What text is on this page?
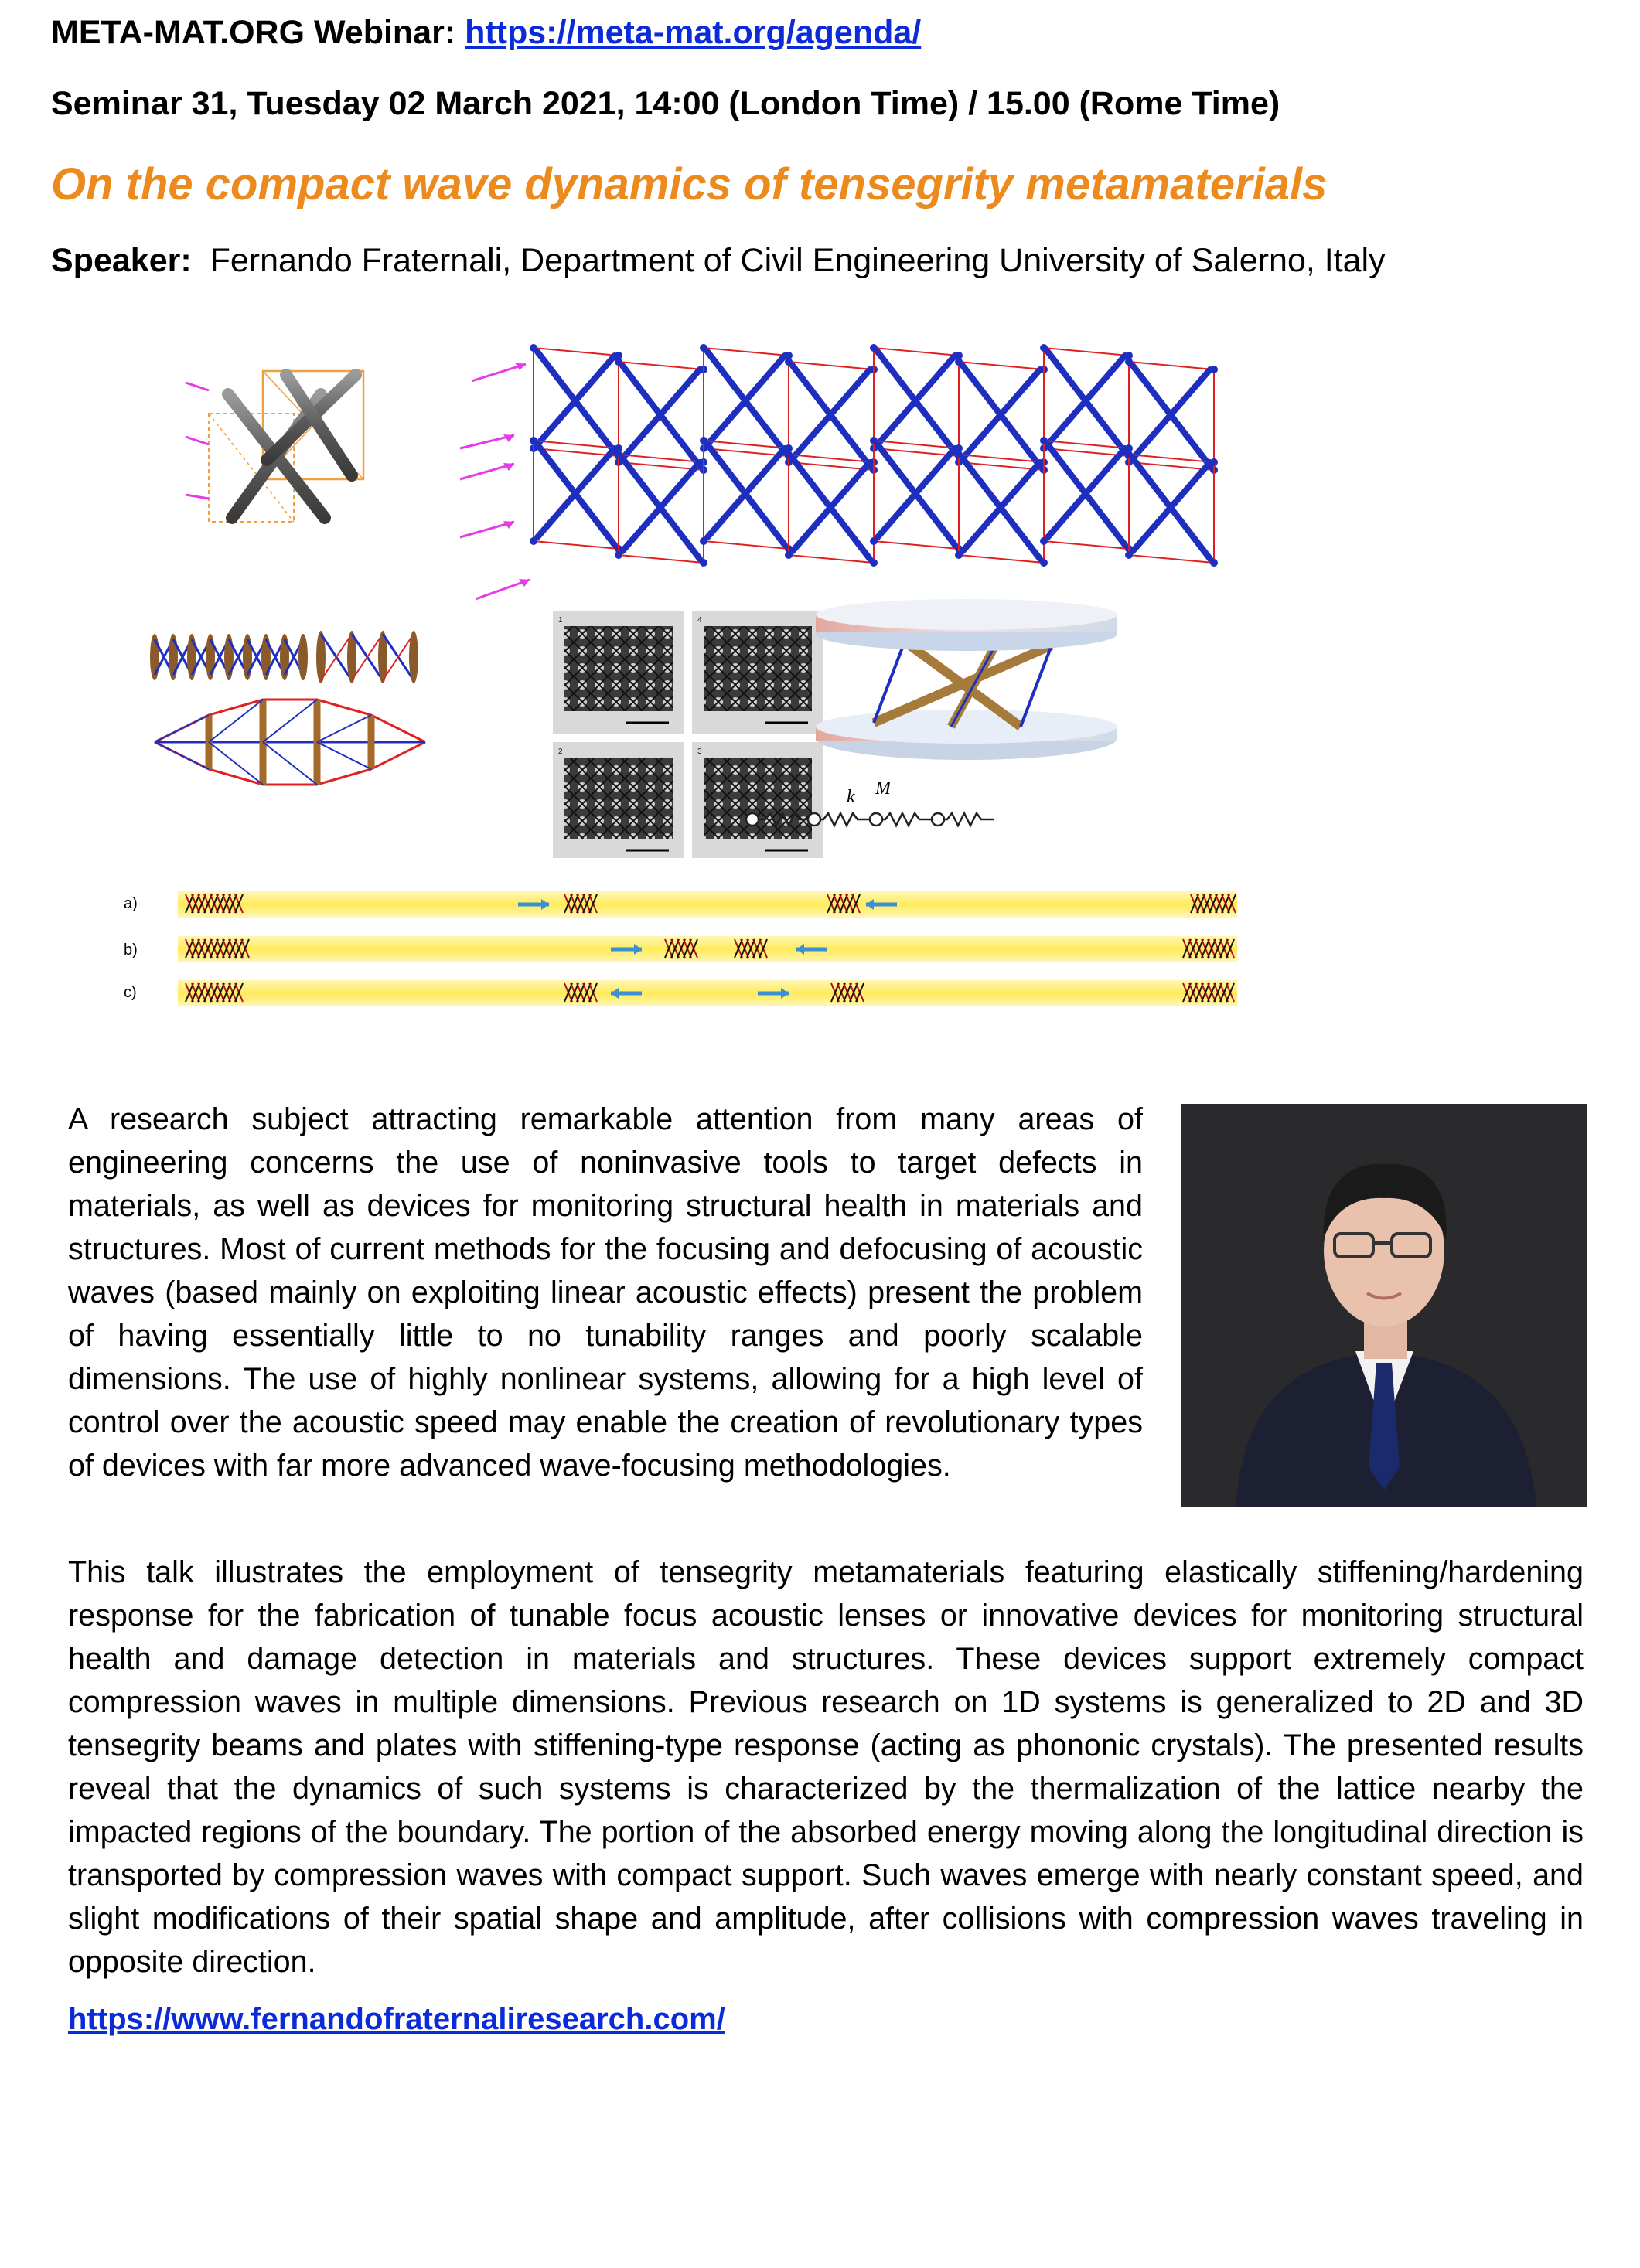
META-MAT.ORG Webinar: https://meta-mat.org/agenda/
Seminar 31, Tuesday 02 March 2021, 14:00 (London Time) / 15.00 (Rome Time)
On the compact wave dynamics of tensegrity metamaterials
Speaker: Fernando Fraternali, Department of Civil Engineering University of Salerno, Italy
1	4
2	3
k M
a)
b)
c)
A research subject attracting remarkable attention from many areas of engineering concerns the use of noninvasive tools to target defects in materials, as well as devices for monitoring structural health in materials and structures. Most of current methods for the focusing and defocusing of acoustic waves (based mainly on exploiting linear acoustic effects) present the problem of having essentially little to no tunability ranges and poorly scalable dimensions. The use of highly nonlinear systems, allowing for a high level of control over the acoustic speed may enable the creation of revolutionary types of devices with far more advanced wave-focusing methodologies.
This talk illustrates the employment of tensegrity metamaterials featuring elastically stiffening/hardening response for the fabrication of tunable focus acoustic lenses or innovative devices for monitoring structural health and damage detection in materials and structures. These devices support extremely compact compression waves in multiple dimensions. Previous research on 1D systems is generalized to 2D and 3D tensegrity beams and plates with stiffening-type response (acting as phononic crystals). The presented results reveal that the dynamics of such systems is characterized by the thermalization of the lattice nearby the impacted regions of the boundary. The portion of the absorbed energy moving along the longitudinal direction is transported by compression waves with compact support. Such waves emerge with nearly constant speed, and slight modifications of their spatial shape and amplitude, after collisions with compression waves traveling in opposite direction.
https://www.fernandofraternaliresearch.com/
